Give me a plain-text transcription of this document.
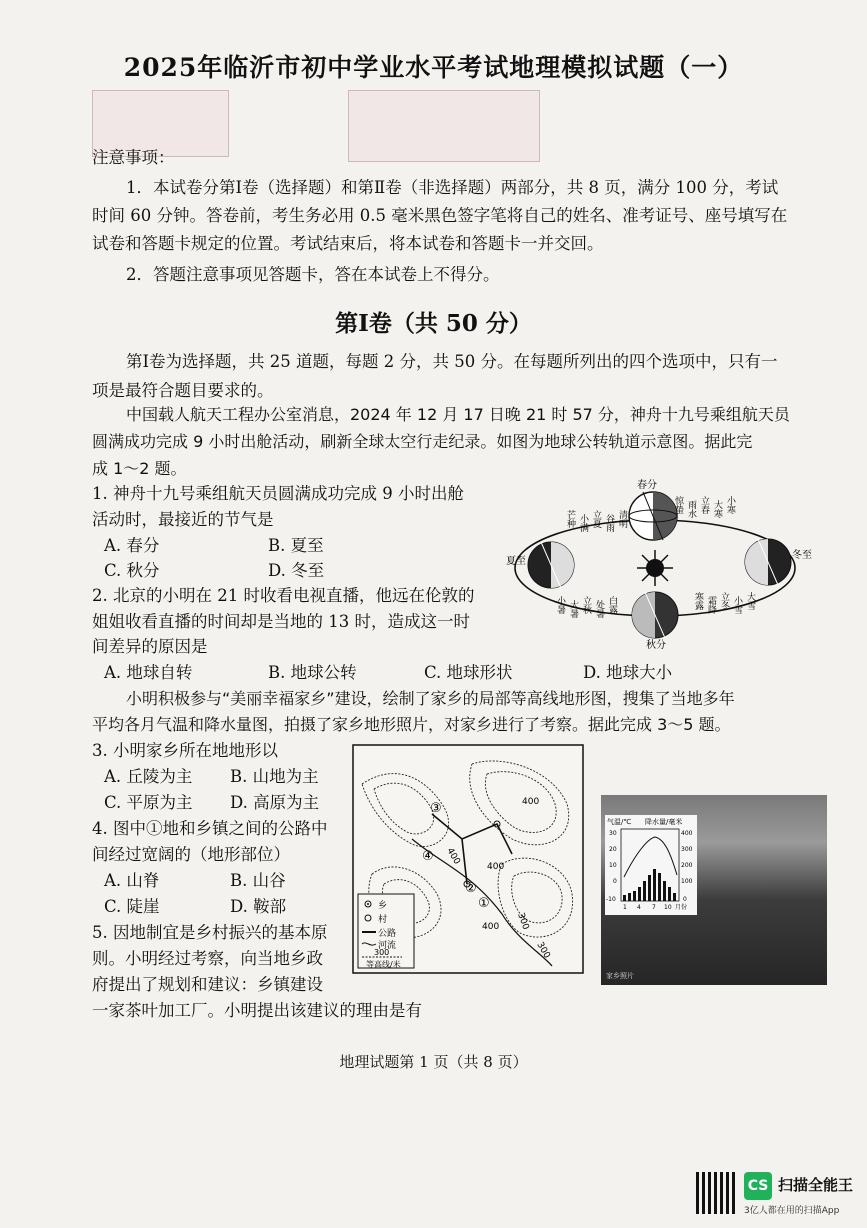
2025年临沂市初中学业水平考试地理模拟试题（一）
注意事项：
1．本试卷分第Ⅰ卷（选择题）和第Ⅱ卷（非选择题）两部分，共 8 页，满分 100 分，考试
时间 60 分钟。答卷前，考生务必用 0.5 毫米黑色签字笔将自己的姓名、准考证号、座号填写在
试卷和答题卡规定的位置。考试结束后，将本试卷和答题卡一并交回。
2．答题注意事项见答题卡，答在本试卷上不得分。
第Ⅰ卷（共 50 分）
第Ⅰ卷为选择题，共 25 道题，每题 2 分，共 50 分。在每题所列出的四个选项中，只有一
项是最符合题目要求的。
中国载人航天工程办公室消息，2024 年 12 月 17 日晚 21 时 57 分，神舟十九号乘组航天员
圆满成功完成 9 小时出舱活动，刷新全球太空行走纪录。如图为地球公转轨道示意图。据此完
成 1～2 题。
1. 神舟十九号乘组航天员圆满成功完成 9 小时出舱
活动时，最接近的节气是
A. 春分	B. 夏至
C. 秋分	D. 冬至
2. 北京的小明在 21 时收看电视直播，他远在伦敦的
姐姐收看直播的时间却是当地的 13 时，造成这一时
间差异的原因是
A. 地球自转	B. 地球公转	C. 地球形状	D. 地球大小
春分
夏至
冬至
秋分
芒种 小满 立夏 谷雨 清明
惊蛰 雨水 立春 大寒 小寒
小暑 大暑 立秋 处暑 白露	寒露 霜降 立冬 小雪 大雪
小明积极参与“美丽幸福家乡”建设，绘制了家乡的局部等高线地形图，搜集了当地多年
平均各月气温和降水量图，拍摄了家乡地形照片，对家乡进行了考察。据此完成 3～5 题。
3. 小明家乡所在地地形以
A. 丘陵为主 B. 山地为主
C. 平原为主 D. 高原为主
4. 图中①地和乡镇之间的公路中
间经过宽阔的（地形部位）
A. 山脊	B. 山谷
C. 陡崖	D. 鞍部
5. 因地制宜是乡村振兴的基本原
则。小明经过考察，向当地乡政
府提出了规划和建议：乡镇建设
一家茶叶加工厂。小明提出该建议的理由是有
③
④
②
①
300
400
400
400
400
300
乡
村
公路
河流
300
等高线/米
气温/℃ 降水量/毫米
30
20
10
0
-10
400
300
200
100
0
1 4 7 10 月份
家乡照片
地理试题第 1 页（共 8 页）
CS 扫描全能王
3亿人都在用的扫描App
